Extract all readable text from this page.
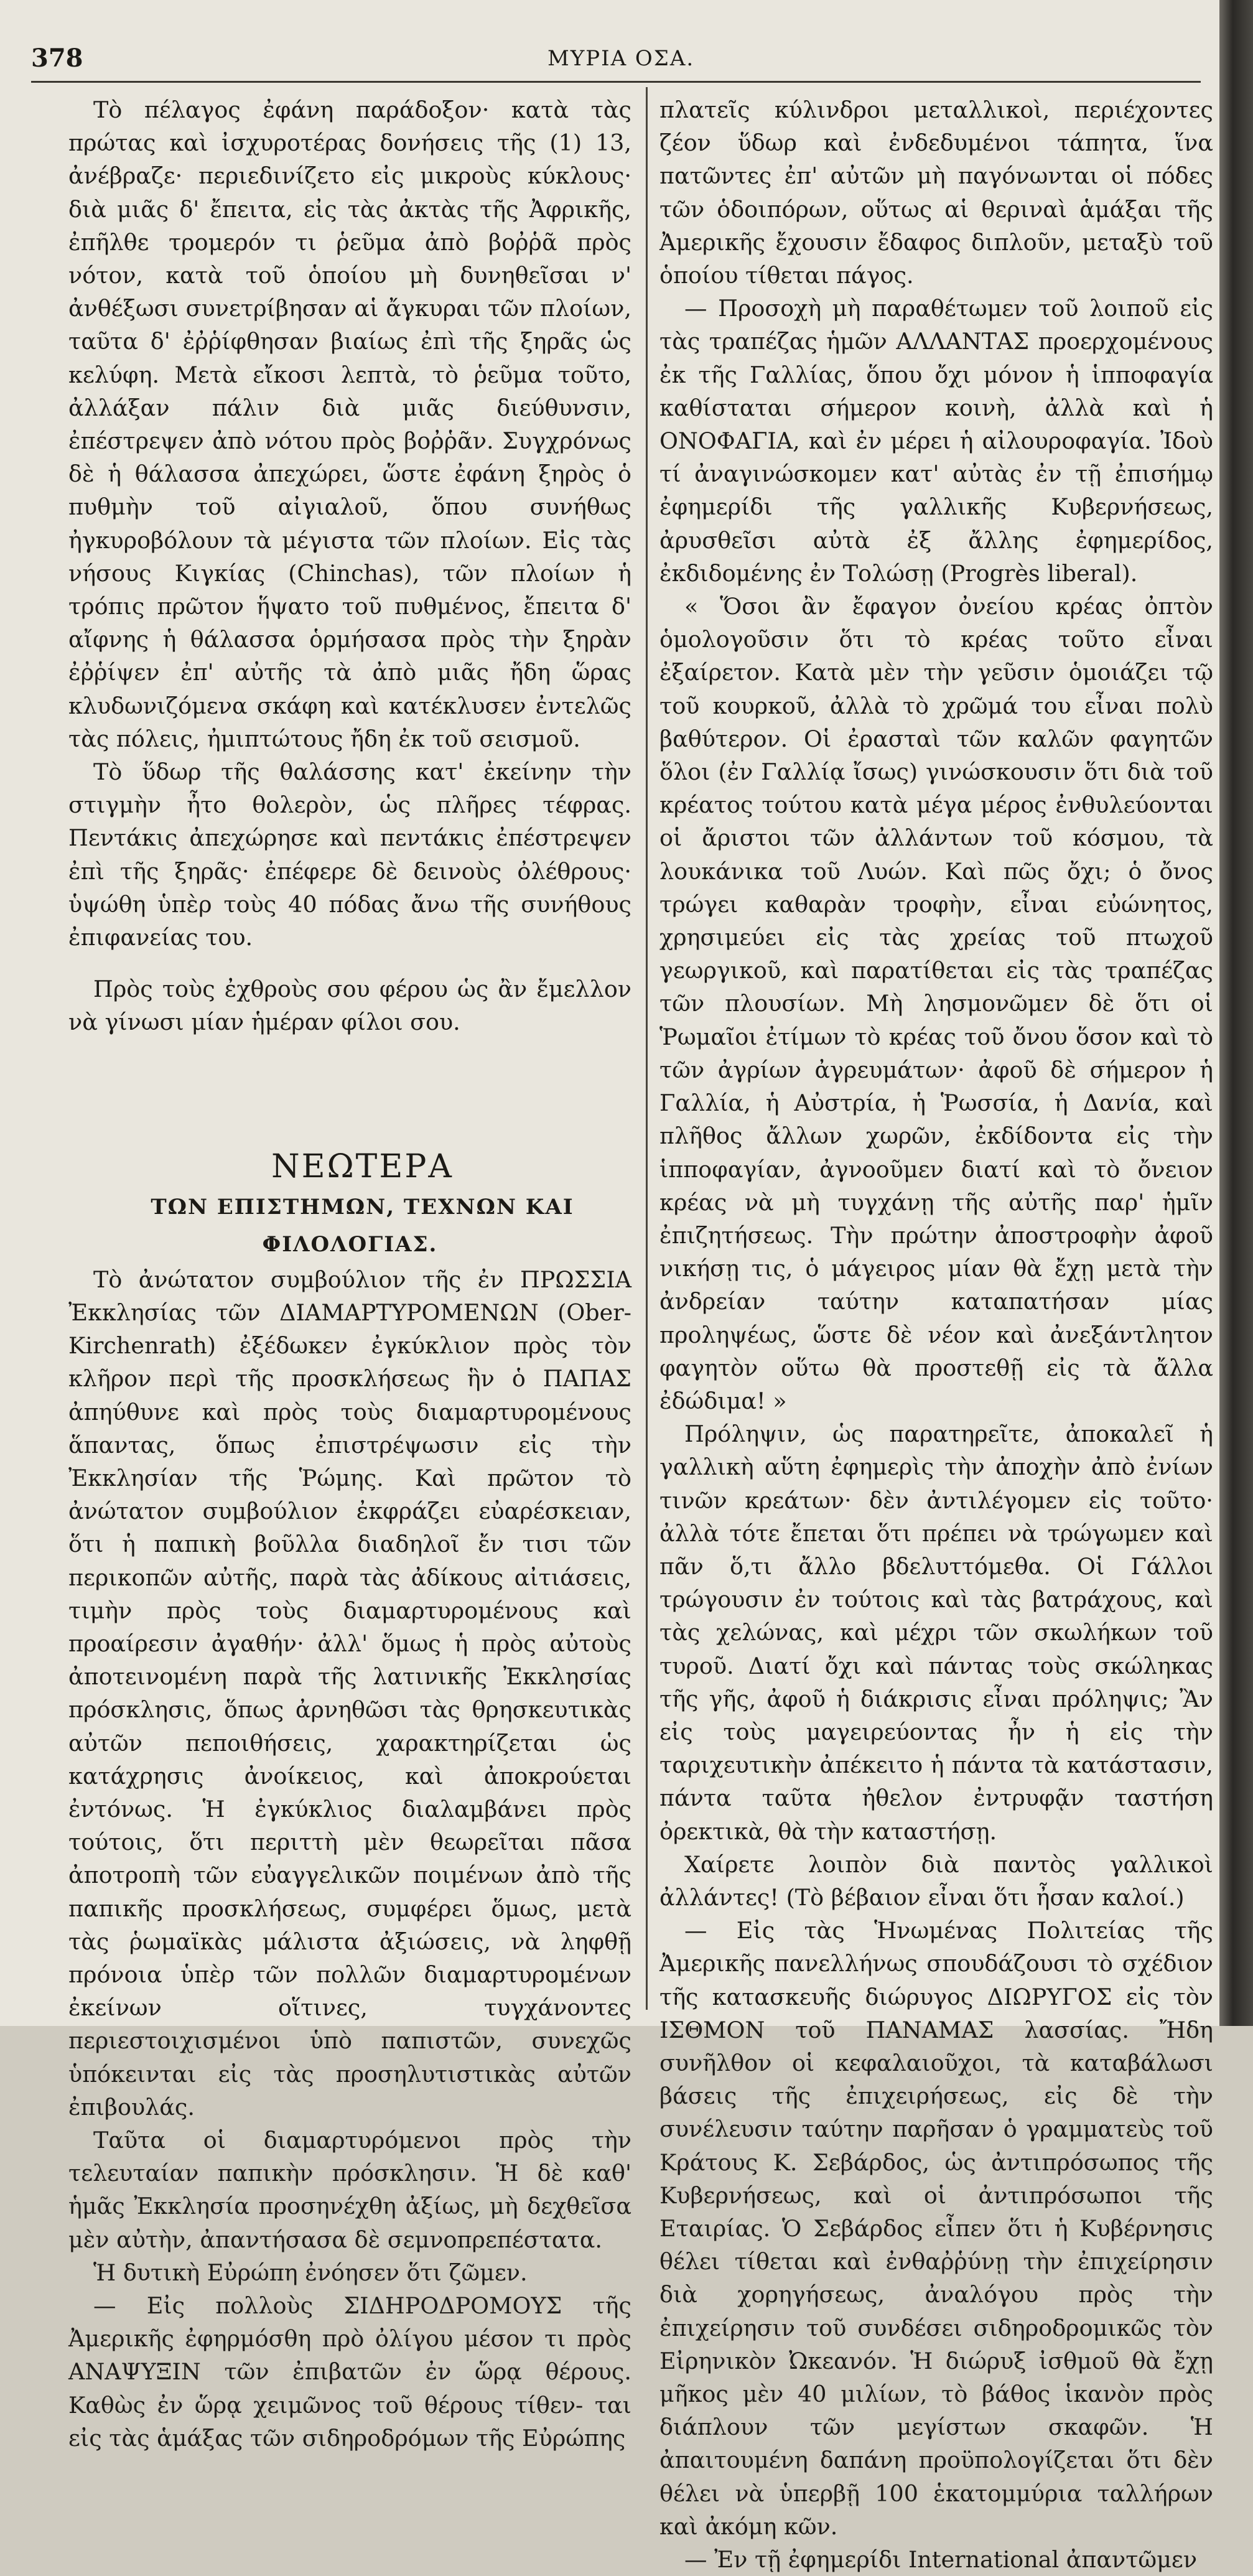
378	ΜΥΡΙΑ ΟΣΑ.

Τὸ πέλαγος ἐφάνη παράδοξον· κατὰ τὰς πρώτας καὶ ἰσχυροτέρας δονήσεις τῆς (1) 13, ἀνέβραζε· περιεδινίζετο εἰς μικροὺς κύκλους· διὰ μιᾶς δ' ἔπειτα, εἰς τὰς ἀκτὰς τῆς Ἀφρικῆς, ἐπῆλθε τρομερόν τι ῥεῦμα ἀπὸ βοῤῥᾶ πρὸς νότον, κατὰ τοῦ ὁποίου μὴ δυνηθεῖσαι ν' ἀνθέξωσι συνετρίβησαν αἱ ἄγκυραι τῶν πλοίων, ταῦτα δ' ἐῤῥίφθησαν βιαίως ἐπὶ τῆς ξηρᾶς ὡς κελύφη. Μετὰ εἴκοσι λεπτὰ, τὸ ῥεῦμα τοῦτο, ἀλλάξαν πάλιν διὰ μιᾶς διεύθυνσιν, ἐπέστρεψεν ἀπὸ νότου πρὸς βοῤῥᾶν. Συγχρόνως δὲ ἡ θάλασσα ἀπεχώρει, ὥστε ἐφάνη ξηρὸς ὁ πυθμὴν τοῦ αἰγιαλοῦ, ὅπου συνήθως ἠγκυροβόλουν τὰ μέγιστα τῶν πλοίων. Εἰς τὰς νήσους Κιγκίας (Chinchas), τῶν πλοίων ἡ τρόπις πρῶτον ἥψατο τοῦ πυθμένος, ἔπειτα δ' αἴφνης ἡ θάλασσα ὁρμήσασα πρὸς τὴν ξηρὰν ἐῤῥίψεν ἐπ' αὐτῆς τὰ ἀπὸ μιᾶς ἤδη ὥρας κλυδωνιζόμενα σκάφη καὶ κατέκλυσεν ἐντελῶς τὰς πόλεις, ἠμιπτώτους ἤδη ἐκ τοῦ σεισμοῦ.

Τὸ ὕδωρ τῆς θαλάσσης κατ' ἐκείνην τὴν στιγμὴν ἦτο θολερὸν, ὡς πλῆρες τέφρας. Πεντάκις ἀπεχώρησε καὶ πεντάκις ἐπέστρεψεν ἐπὶ τῆς ξηρᾶς· ἐπέφερε δὲ δεινοὺς ὀλέθρους· ὑψώθη ὑπὲρ τοὺς 40 πόδας ἄνω τῆς συνήθους ἐπιφανείας του.

Πρὸς τοὺς ἐχθροὺς σου φέρου ὡς ἂν ἔμελλον νὰ γίνωσι μίαν ἡμέραν φίλοι σου.

ΝΕΩΤΕΡΑ

ΤΩΝ ΕΠΙΣΤΗΜΩΝ, ΤΕΧΝΩΝ ΚΑΙ ΦΙΛΟΛΟΓΙΑΣ.

Τὸ ἀνώτατον συμβούλιον τῆς ἐν ΠΡΩΣΣΙΑ Ἐκκλησίας τῶν ΔΙΑΜΑΡΤΥΡΟΜΕΝΩΝ (Ober-Kirchenrath) ἐξέδωκεν ἐγκύκλιον πρὸς τὸν κλῆρον περὶ τῆς προσκλήσεως ἣν ὁ ΠΑΠΑΣ ἀπηύθυνε καὶ πρὸς τοὺς διαμαρτυρομένους ἅπαντας, ὅπως ἐπιστρέψωσιν εἰς τὴν Ἐκκλησίαν τῆς Ῥώμης. Καὶ πρῶτον τὸ ἀνώτατον συμβούλιον ἐκφράζει εὐαρέσκειαν, ὅτι ἡ παπικὴ βοῦλλα διαδηλοῖ ἔν τισι τῶν περικοπῶν αὐτῆς, παρὰ τὰς ἀδίκους αἰτιάσεις, τιμὴν πρὸς τοὺς διαμαρτυρομένους καὶ προαίρεσιν ἀγαθήν· ἀλλ' ὅμως ἡ πρὸς αὐτοὺς ἀποτεινομένη παρὰ τῆς λατινικῆς Ἐκκλησίας πρόσκλησις, ὅπως ἀρνηθῶσι τὰς θρησκευτικὰς αὐτῶν πεποιθήσεις, χαρακτηρίζεται ὡς κατάχρησις ἀνοίκειος, καὶ ἀποκρούεται ἐντόνως. Ἡ ἐγκύκλιος διαλαμβάνει πρὸς τούτοις, ὅτι περιττὴ μὲν θεωρεῖται πᾶσα ἀποτροπὴ τῶν εὐαγγελικῶν ποιμένων ἀπὸ τῆς παπικῆς προσκλήσεως, συμφέρει ὅμως, μετὰ τὰς ῥωμαϊκὰς μάλιστα ἀξιώσεις, νὰ ληφθῇ πρόνοια ὑπὲρ τῶν πολλῶν διαμαρτυρομένων ἐκείνων οἵτινες, τυγχάνοντες περιεστοιχισμένοι ὑπὸ παπιστῶν, συνεχῶς ὑπόκεινται εἰς τὰς προσηλυτιστικὰς αὐτῶν ἐπιβουλάς.

Ταῦτα οἱ διαμαρτυρόμενοι πρὸς τὴν τελευταίαν παπικὴν πρόσκλησιν. Ἡ δὲ καθ' ἡμᾶς Ἐκκλησία προσηνέχθη ἀξίως, μὴ δεχθεῖσα μὲν αὐτὴν, ἀπαντήσασα δὲ σεμνοπρεπέστατα.

Ἡ δυτικὴ Εὐρώπη ἐνόησεν ὅτι ζῶμεν.

— Εἰς πολλοὺς ΣΙΔΗΡΟΔΡΟΜΟΥΣ τῆς Ἀμερικῆς ἐφηρμόσθη πρὸ ὀλίγου μέσον τι πρὸς ΑΝΑΨΥΞΙΝ τῶν ἐπιβατῶν ἐν ὥρᾳ θέρους. Καθὼς ἐν ὥρᾳ χειμῶνος τοῦ θέρους τίθεν- ται εἰς τὰς ἁμάξας τῶν σιδηροδρόμων τῆς Εὐρώπης

πλατεῖς κύλινδροι μεταλλικοὶ, περιέχοντες ζέον ὕδωρ καὶ ἐνδεδυμένοι τάπητα, ἵνα πατῶντες ἐπ' αὐτῶν μὴ παγόνωνται οἱ πόδες τῶν ὁδοιπόρων, οὕτως αἱ θεριναὶ ἁμάξαι τῆς Ἀμερικῆς ἔχουσιν ἔδαφος διπλοῦν, μεταξὺ τοῦ ὁποίου τίθεται πάγος.

— Προσοχὴ μὴ παραθέτωμεν τοῦ λοιποῦ εἰς τὰς τραπέζας ἡμῶν ΑΛΛΑΝΤΑΣ προερχομένους ἐκ τῆς Γαλλίας, ὅπου ὄχι μόνον ἡ ἱπποφαγία καθίσταται σήμερον κοινὴ, ἀλλὰ καὶ ἡ ΟΝΟΦΑΓΙΑ, καὶ ἐν μέρει ἡ αἰλουροφαγία. Ἰδοὺ τί ἀναγινώσκομεν κατ' αὐτὰς ἐν τῇ ἐπισήμῳ ἐφημερίδι τῆς γαλλικῆς Κυβερνήσεως, ἀρυσθεῖσι αὐτὰ ἐξ ἄλλης ἐφημερίδος, ἐκδιδομένης ἐν Τολώσῃ (Progrès liberal).

« Ὅσοι ἂν ἔφαγον ὀνείου κρέας ὀπτὸν ὁμολογοῦσιν ὅτι τὸ κρέας τοῦτο εἶναι ἐξαίρετον. Κατὰ μὲν τὴν γεῦσιν ὁμοιάζει τῷ τοῦ κουρκοῦ, ἀλλὰ τὸ χρῶμά του εἶναι πολὺ βαθύτερον. Οἱ ἐρασταὶ τῶν καλῶν φαγητῶν ὅλοι (ἐν Γαλλίᾳ ἴσως) γινώσκουσιν ὅτι διὰ τοῦ κρέατος τούτου κατὰ μέγα μέρος ἐνθυλεύονται οἱ ἄριστοι τῶν ἀλλάντων τοῦ κόσμου, τὰ λουκάνικα τοῦ Λυών. Καὶ πῶς ὄχι; ὁ ὄνος τρώγει καθαρὰν τροφὴν, εἶναι εὐώνητος, χρησιμεύει εἰς τὰς χρείας τοῦ πτωχοῦ γεωργικοῦ, καὶ παρατίθεται εἰς τὰς τραπέζας τῶν πλουσίων. Μὴ λησμονῶμεν δὲ ὅτι οἱ Ῥωμαῖοι ἐτίμων τὸ κρέας τοῦ ὄνου ὅσον καὶ τὸ τῶν ἀγρίων ἀγρευμάτων· ἀφοῦ δὲ σήμερον ἡ Γαλλία, ἡ Αὐστρία, ἡ Ῥωσσία, ἡ Δανία, καὶ πλῆθος ἄλλων χωρῶν, ἐκδίδοντα εἰς τὴν ἱπποφαγίαν, ἀγνοοῦμεν διατί καὶ τὸ ὄνειον κρέας νὰ μὴ τυγχάνῃ τῆς αὐτῆς παρ' ἡμῖν ἐπιζητήσεως. Τὴν πρώτην ἀποστροφὴν ἀφοῦ νικήσῃ τις, ὁ μάγειρος μίαν θὰ ἔχῃ μετὰ τὴν ἀνδρείαν ταύτην καταπατήσαν μίας προληψέως, ὥστε δὲ νέον καὶ ἀνεξάντλητον φαγητὸν οὕτω θὰ προστεθῇ εἰς τὰ ἄλλα ἐδώδιμα! »

Πρόληψιν, ὡς παρατηρεῖτε, ἀποκαλεῖ ἡ γαλλικὴ αὕτη ἐφημερὶς τὴν ἀποχὴν ἀπὸ ἐνίων τινῶν κρεάτων· δὲν ἀντιλέγομεν εἰς τοῦτο· ἀλλὰ τότε ἔπεται ὅτι πρέπει νὰ τρώγωμεν καὶ πᾶν ὅ,τι ἄλλο βδελυττόμεθα. Οἱ Γάλλοι τρώγουσιν ἐν τούτοις καὶ τὰς βατράχους, καὶ τὰς χελώνας, καὶ μέχρι τῶν σκωλήκων τοῦ τυροῦ. Διατί ὄχι καὶ πάντας τοὺς σκώληκας τῆς γῆς, ἀφοῦ ἡ διάκρισις εἶναι πρόληψις; Ἂν εἰς τοὺς μαγειρεύοντας ἦν ἡ εἰς τὴν ταριχευτικὴν ἀπέκειτο ἡ πάντα τὰ κατάστασιν, πάντα ταῦτα ἠθελον ἐντρυφᾷν ταστήση ὀρεκτικὰ, θὰ τὴν καταστήσῃ.

Χαίρετε λοιπὸν διὰ παντὸς γαλλικοὶ ἀλλάντες! (Τὸ βέβαιον εἶναι ὅτι ἦσαν καλοί.)

— Εἰς τὰς Ἡνωμένας Πολιτείας τῆς Ἀμερικῆς πανελλήνως σπουδάζουσι τὸ σχέδιον τῆς κατασκευῆς διώρυγος ΔΙΩΡΥΓΟΣ εἰς τὸν ΙΣΘΜΟΝ τοῦ ΠΑΝΑΜΑΣ λασσίας. Ἤδη συνῆλθον οἱ κεφαλαιοῦχοι, τὰ καταβάλωσι βάσεις τῆς ἐπιχειρήσεως, εἰς δὲ τὴν συνέλευσιν ταύτην παρῆσαν ὁ γραμματεὺς τοῦ Κράτους Κ. Σεβάρδος, ὡς ἀντιπρόσωπος τῆς Κυβερνήσεως, καὶ οἱ ἀντιπρόσωποι τῆς Εταιρίας. Ὁ Σεβάρδος εἶπεν ὅτι ἡ Κυβέρνησις θέλει τίθεται καὶ ἐνθαῤῥύνῃ τὴν ἐπιχείρησιν διὰ χορηγήσεως, ἀναλόγου πρὸς τὴν ἐπιχείρησιν τοῦ συνδέσει σιδηροδρομικῶς τὸν Εἰρηνικὸν Ὠκεανόν. Ἡ διώρυξ ἰσθμοῦ θὰ ἔχῃ μῆκος μὲν 40 μιλίων, τὸ βάθος ἱκανὸν πρὸς διάπλουν τῶν μεγίστων σκαφῶν. Ἡ ἀπαιτουμένη δαπάνη προϋπολογίζεται ὅτι δὲν θέλει νὰ ὑπερβῇ 100 ἑκατομμύρια ταλλήρων καὶ ἀκόμη κῶν.

— Ἐν τῇ ἐφημερίδι International ἀπαντῶμεν
